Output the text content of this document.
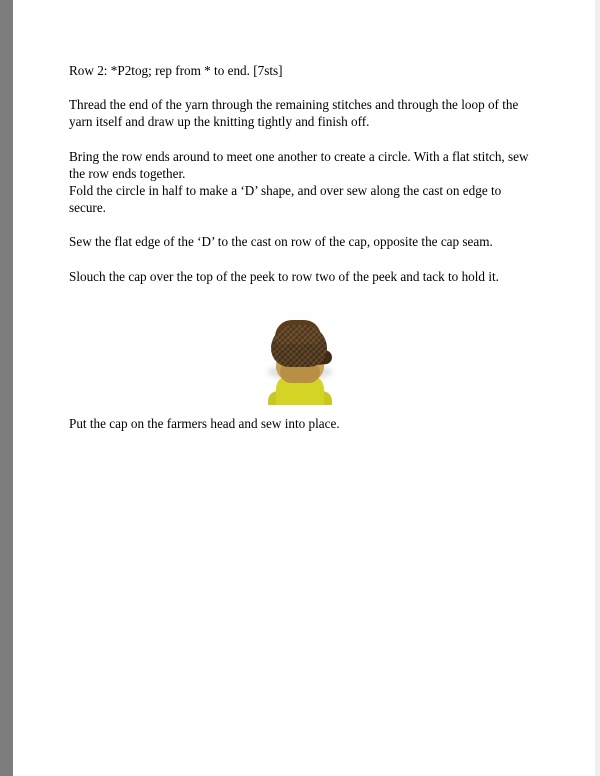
Row 2: *P2tog; rep from * to end. [7sts]

Thread the end of the yarn through the remaining stitches and through the loop of the yarn itself and draw up the knitting tightly and finish off.

Bring the row ends around to meet one another to create a circle. With a flat stitch, sew the row ends together.

Fold the circle in half to make a ‘D’ shape, and over sew along the cast on edge to secure.

Sew the flat edge of the ‘D’ to the cast on row of the cap, opposite the cap seam.

Slouch the cap over the top of the peek to row two of the peek and tack to hold it.

Put the cap on the farmers head and sew into place.
